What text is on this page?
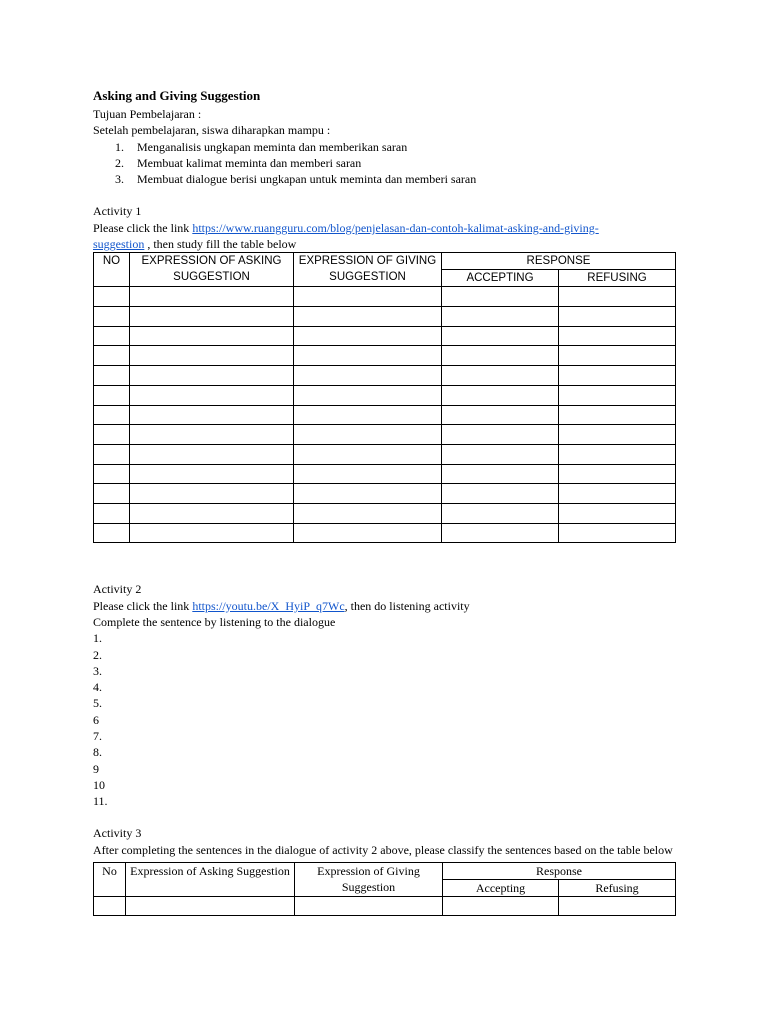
Asking and Giving Suggestion

Tujuan Pembelajaran :

Setelah pembelajaran, siswa diharapkan mampu :

1. Menganalisis ungkapan meminta dan memberikan saran
2. Membuat kalimat meminta dan memberi saran
3. Membuat dialogue berisi ungkapan untuk meminta dan memberi saran

Activity 1

Please click the link https://www.ruangguru.com/blog/penjelasan-dan-contoh-kalimat-asking-and-giving-
suggestion , then study fill the table below

NO	EXPRESSION OF ASKING SUGGESTION	EXPRESSION OF GIVING SUGGESTION	RESPONSE	
			ACCEPTING	REFUSING

Activity 2

Please click the link https://youtu.be/X_HyiP_q7Wc, then do listening activity

Complete the sentence by listening to the dialogue

1.
2.
3.
4.
5.
6
7.
8.
9
10
11.

Activity 3

After completing the sentences in the dialogue of activity 2 above, please classify the sentences based on the table below

No	Expression of Asking Suggestion	Expression of Giving Suggestion	Response	
			Accepting	Refusing
